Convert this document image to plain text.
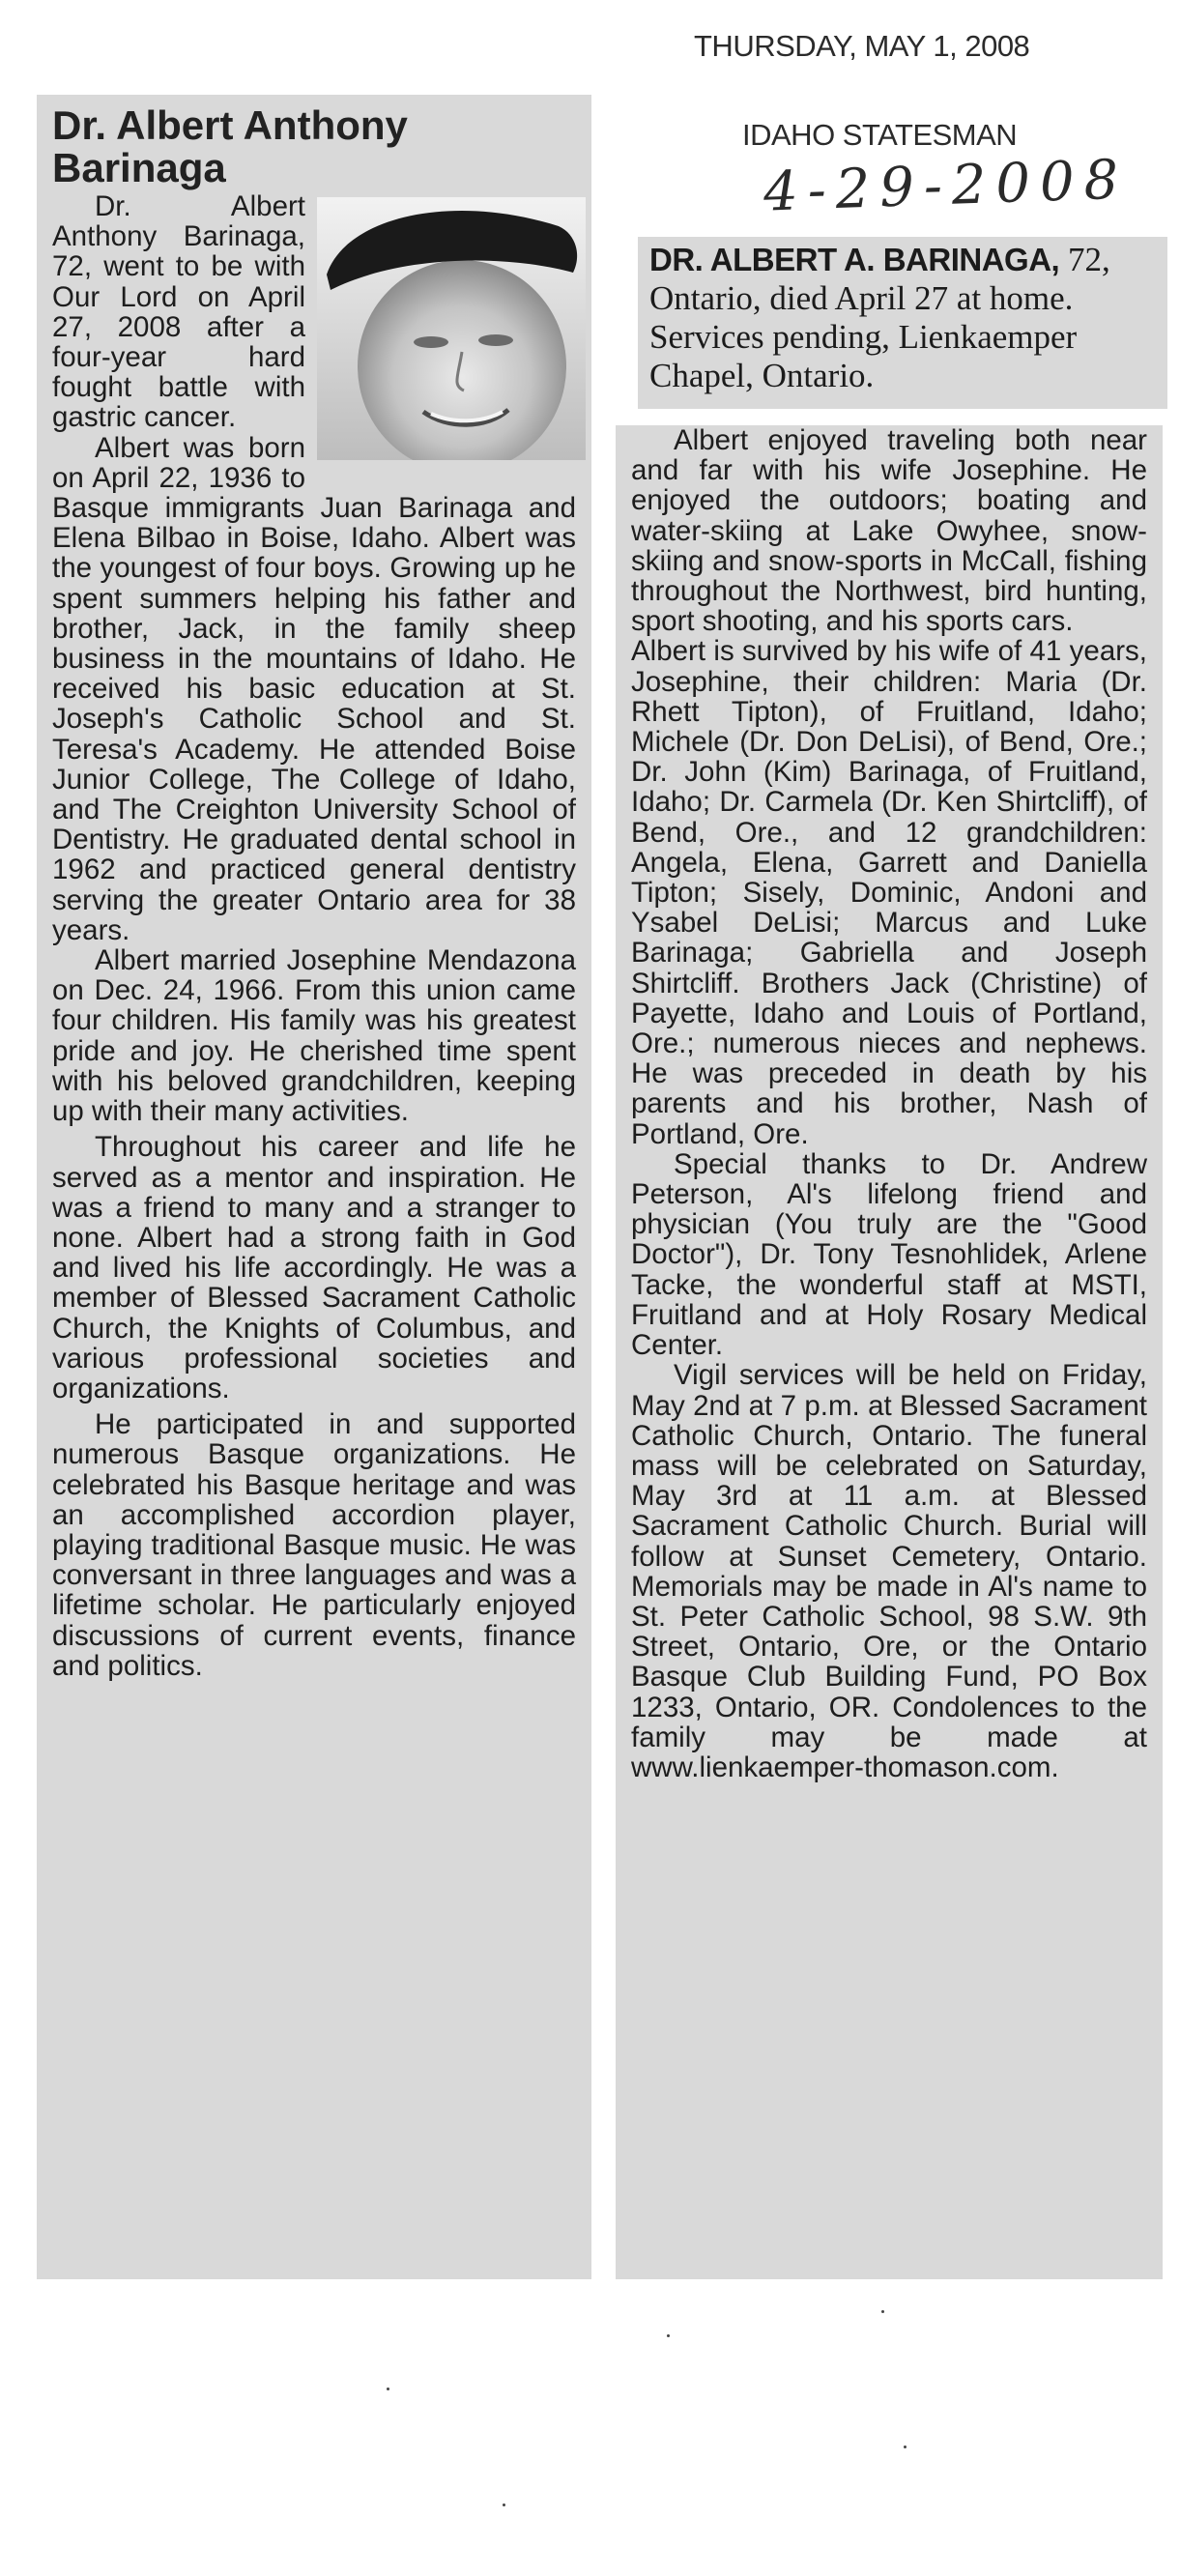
THURSDAY, MAY 1, 2008
IDAHO STATESMAN
4-29-2008
DR. ALBERT A. BARINAGA, 72, Ontario, died April 27 at home. Services pending, Lienkaemper Chapel, Ontario.
Dr. Albert Anthony Barinaga

Dr. Albert Anthony Barinaga, 72, went to be with Our Lord on April 27, 2008 after a four-year hard fought battle with gastric cancer.

Albert was born on April 22, 1936 to Basque immigrants Juan Barinaga and Elena Bilbao in Boise, Idaho. Albert was the youngest of four boys. Growing up he spent summers helping his father and brother, Jack, in the family sheep business in the mountains of Idaho. He received his basic education at St. Joseph's Catholic School and St. Teresa's Academy. He attended Boise Junior College, The College of Idaho, and The Creighton University School of Dentistry. He graduated dental school in 1962 and practiced general dentistry serving the greater Ontario area for 38 years.

Albert married Josephine Mendazona on Dec. 24, 1966. From this union came four children. His family was his greatest pride and joy. He cherished time spent with his beloved grandchildren, keeping up with their many activities.

Throughout his career and life he served as a mentor and inspiration. He was a friend to many and a stranger to none. Albert had a strong faith in God and lived his life accordingly. He was a member of Blessed Sacrament Catholic Church, the Knights of Columbus, and various professional societies and organizations.

He participated in and supported numerous Basque organizations. He celebrated his Basque heritage and was an accomplished accordion player, playing traditional Basque music. He was conversant in three languages and was a lifetime scholar. He particularly enjoyed discussions of current events, finance and politics.

Albert enjoyed traveling both near and far with his wife Josephine. He enjoyed the outdoors; boating and water-skiing at Lake Owyhee, snow-skiing and snow-sports in McCall, fishing throughout the Northwest, bird hunting, sport shooting, and his sports cars.

Albert is survived by his wife of 41 years, Josephine, their children: Maria (Dr. Rhett Tipton), of Fruitland, Idaho; Michele (Dr. Don DeLisi), of Bend, Ore.; Dr. John (Kim) Barinaga, of Fruitland, Idaho; Dr. Carmela (Dr. Ken Shirtcliff), of Bend, Ore., and 12 grandchildren: Angela, Elena, Garrett and Daniella Tipton; Sisely, Dominic, Andoni and Ysabel DeLisi; Marcus and Luke Barinaga; Gabriella and Joseph Shirtcliff. Brothers Jack (Christine) of Payette, Idaho and Louis of Portland, Ore.; numerous nieces and nephews. He was preceded in death by his parents and his brother, Nash of Portland, Ore.

Special thanks to Dr. Andrew Peterson, Al's lifelong friend and physician (You truly are the "Good Doctor"), Dr. Tony Tesnohlidek, Arlene Tacke, the wonderful staff at MSTI, Fruitland and at Holy Rosary Medical Center.

Vigil services will be held on Friday, May 2nd at 7 p.m. at Blessed Sacrament Catholic Church, Ontario. The funeral mass will be celebrated on Saturday, May 3rd at 11 a.m. at Blessed Sacrament Catholic Church. Burial will follow at Sunset Cemetery, Ontario. Memorials may be made in Al's name to St. Peter Catholic School, 98 S.W. 9th Street, Ontario, Ore, or the Ontario Basque Club Building Fund, PO Box 1233, Ontario, OR. Condolences to the family may be made at www.lienkaemper-thomason.com.
